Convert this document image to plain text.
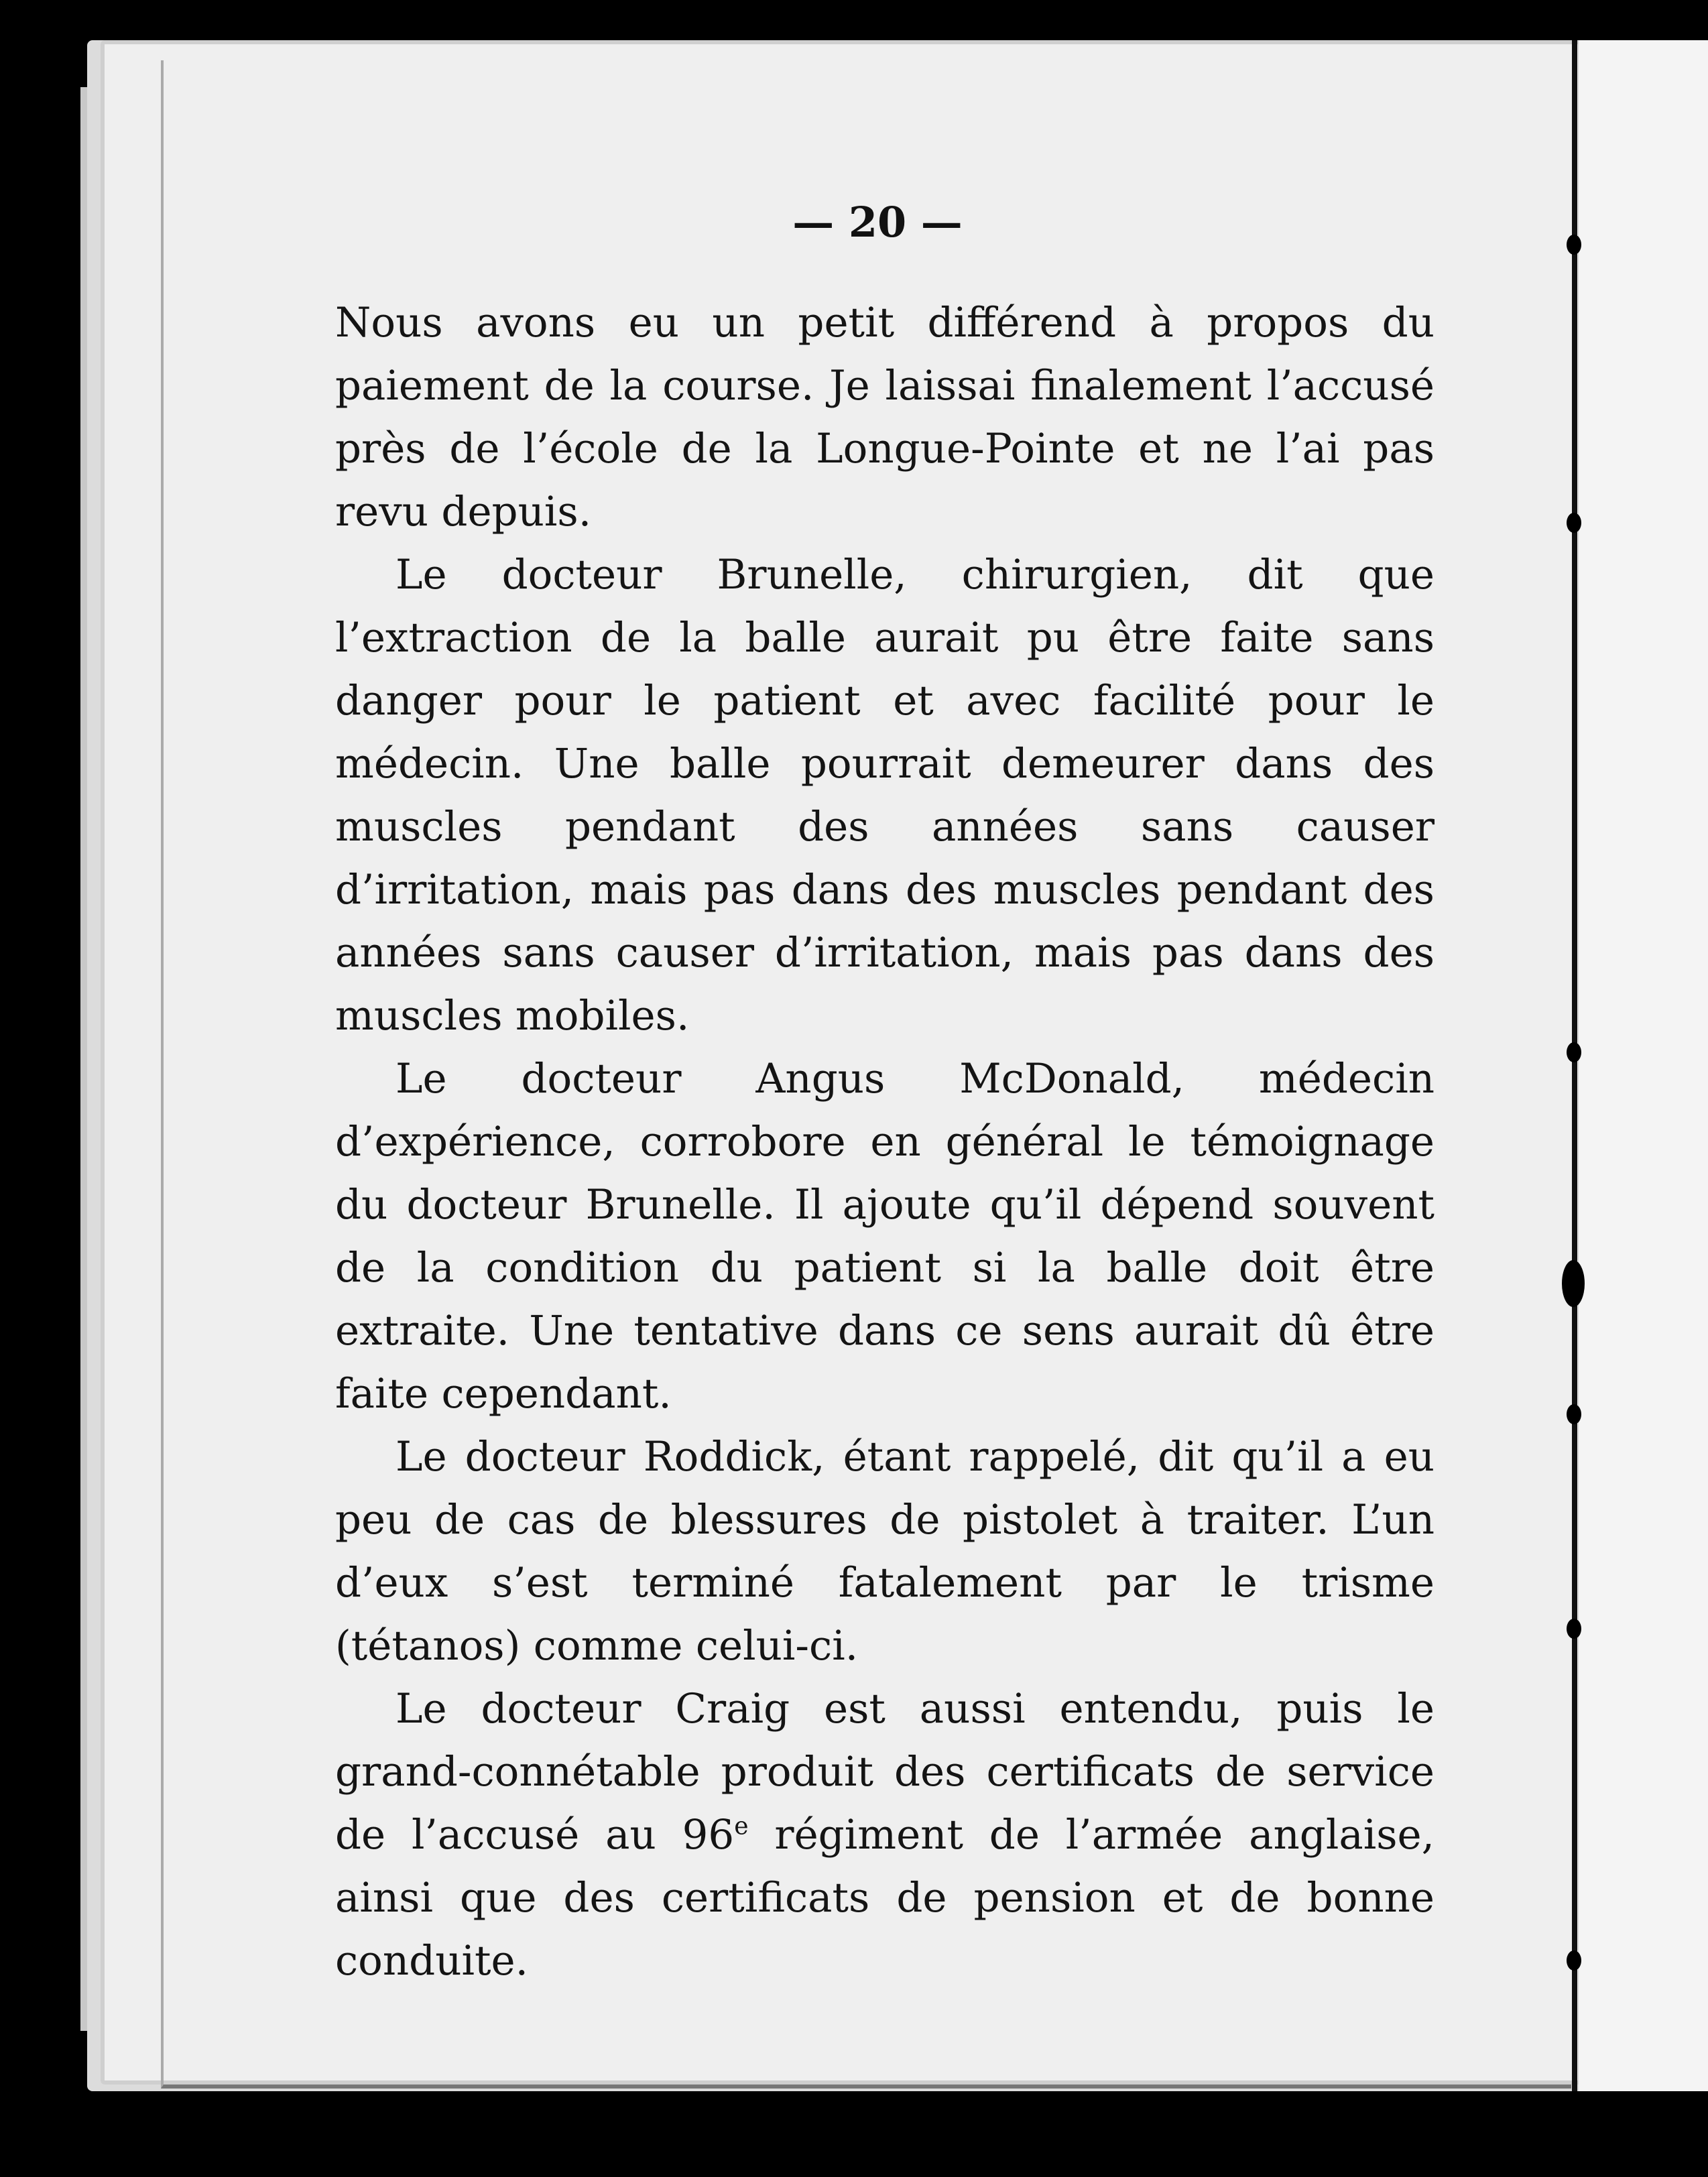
— 20 —

Nous avons eu un petit différend à propos du paiement de la course. Je laissai finalement l’accusé près de l’école de la Longue-Pointe et ne l’ai pas revu depuis.

Le docteur Brunelle, chirurgien, dit que l’extraction de la balle aurait pu être faite sans danger pour le patient et avec facilité pour le médecin. Une balle pourrait demeurer dans des muscles pendant des années sans causer d’irritation, mais pas dans des muscles pendant des années sans causer d’irritation, mais pas dans des muscles mobiles.

Le docteur Angus McDonald, médecin d’expérience, corrobore en général le témoignage du docteur Brunelle. Il ajoute qu’il dépend souvent de la condition du patient si la balle doit être extraite. Une tentative dans ce sens aurait dû être faite cependant.

Le docteur Roddick, étant rappelé, dit qu’il a eu peu de cas de blessures de pistolet à traiter. L’un d’eux s’est terminé fatalement par le trisme (tétanos) comme celui-ci.

Le docteur Craig est aussi entendu, puis le grand-connétable produit des certificats de service de l’accusé au 96e régiment de l’armée anglaise, ainsi que des certificats de pension et de bonne conduite.
